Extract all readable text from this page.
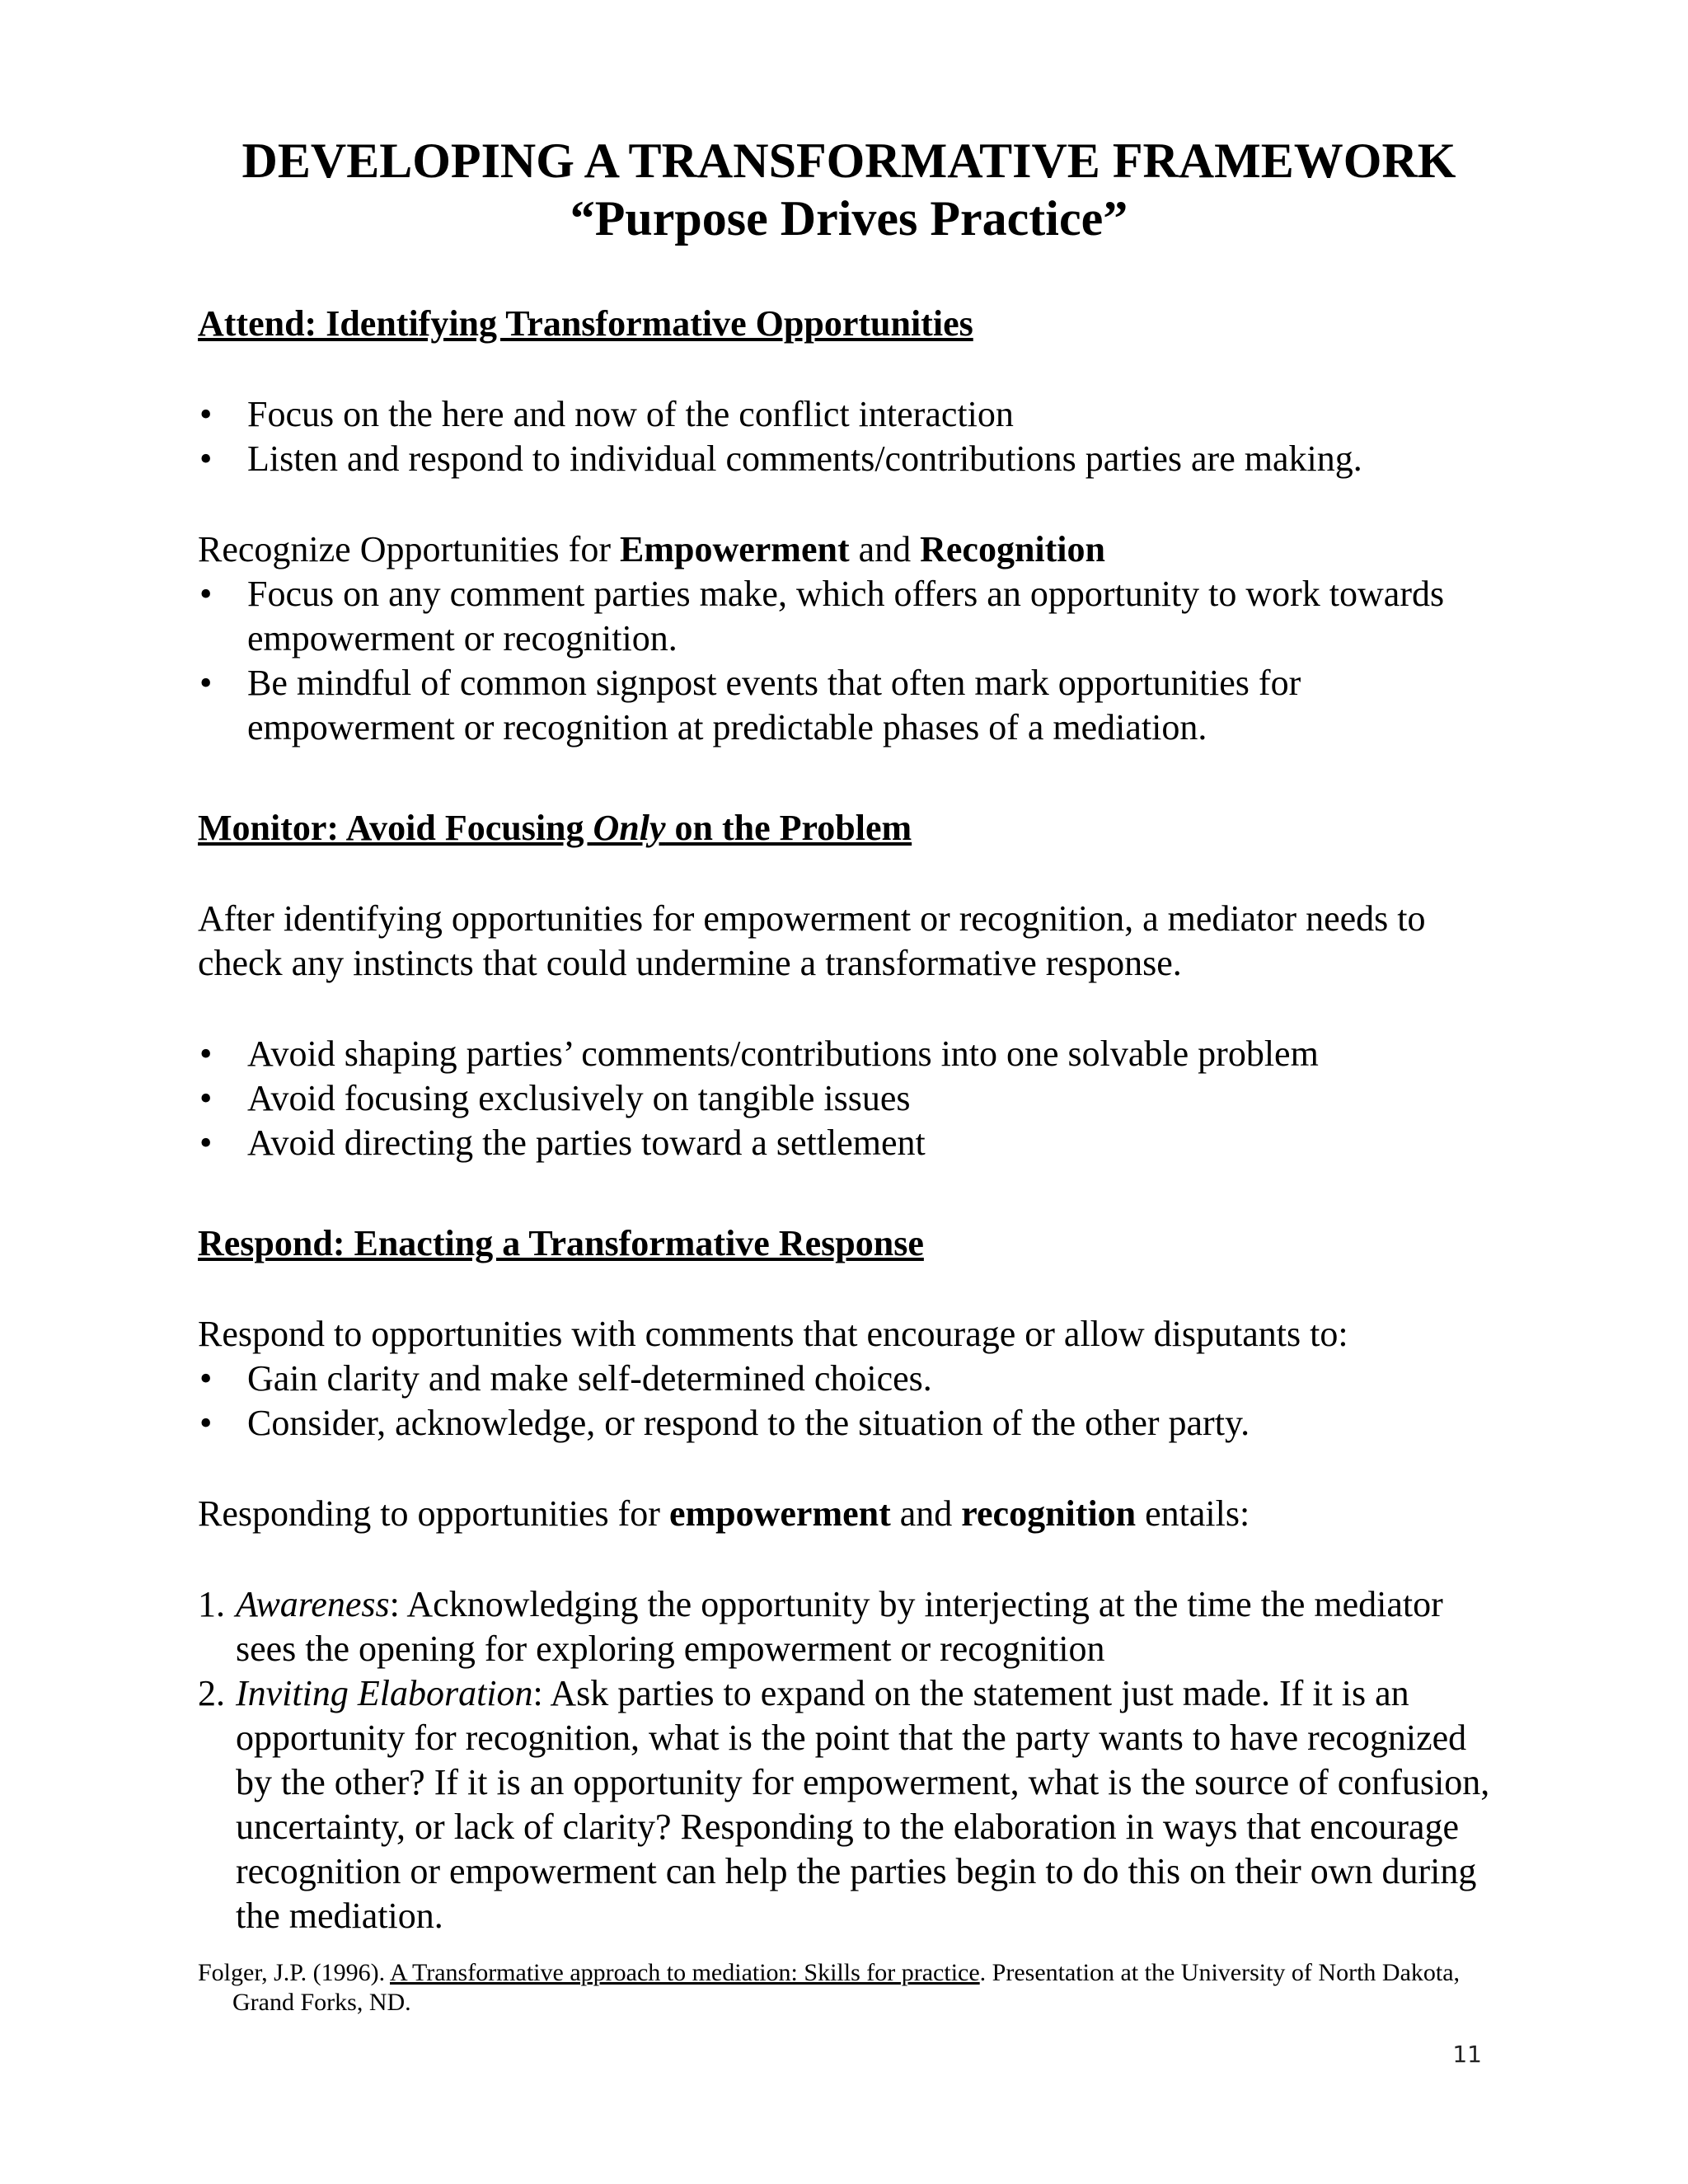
DEVELOPING A TRANSFORMATIVE FRAMEWORK
“Purpose Drives Practice”
Attend: Identifying Transformative Opportunities
• Focus on the here and now of the conflict interaction
• Listen and respond to individual comments/contributions parties are making.

Recognize Opportunities for Empowerment and Recognition

• Focus on any comment parties make, which offers an opportunity to work towards empowerment or recognition.
• Be mindful of common signpost events that often mark opportunities for empowerment or recognition at predictable phases of a mediation.
Monitor: Avoid Focusing Only on the Problem

After identifying opportunities for empowerment or recognition, a mediator needs to check any instincts that could undermine a transformative response.

• Avoid shaping parties’ comments/contributions into one solvable problem
• Avoid focusing exclusively on tangible issues
• Avoid directing the parties toward a settlement
Respond: Enacting a Transformative Response

Respond to opportunities with comments that encourage or allow disputants to:

• Gain clarity and make self-determined choices.
• Consider, acknowledge, or respond to the situation of the other party.

Responding to opportunities for empowerment and recognition entails:

1. Awareness: Acknowledging the opportunity by interjecting at the time the mediator sees the opening for exploring empowerment or recognition
2. Inviting Elaboration: Ask parties to expand on the statement just made. If it is an opportunity for recognition, what is the point that the party wants to have recognized by the other? If it is an opportunity for empowerment, what is the source of confusion, uncertainty, or lack of clarity? Responding to the elaboration in ways that encourage recognition or empowerment can help the parties begin to do this on their own during the mediation.

Folger, J.P. (1996). A Transformative approach to mediation: Skills for practice. Presentation at the University of North Dakota, Grand Forks, ND.

11
